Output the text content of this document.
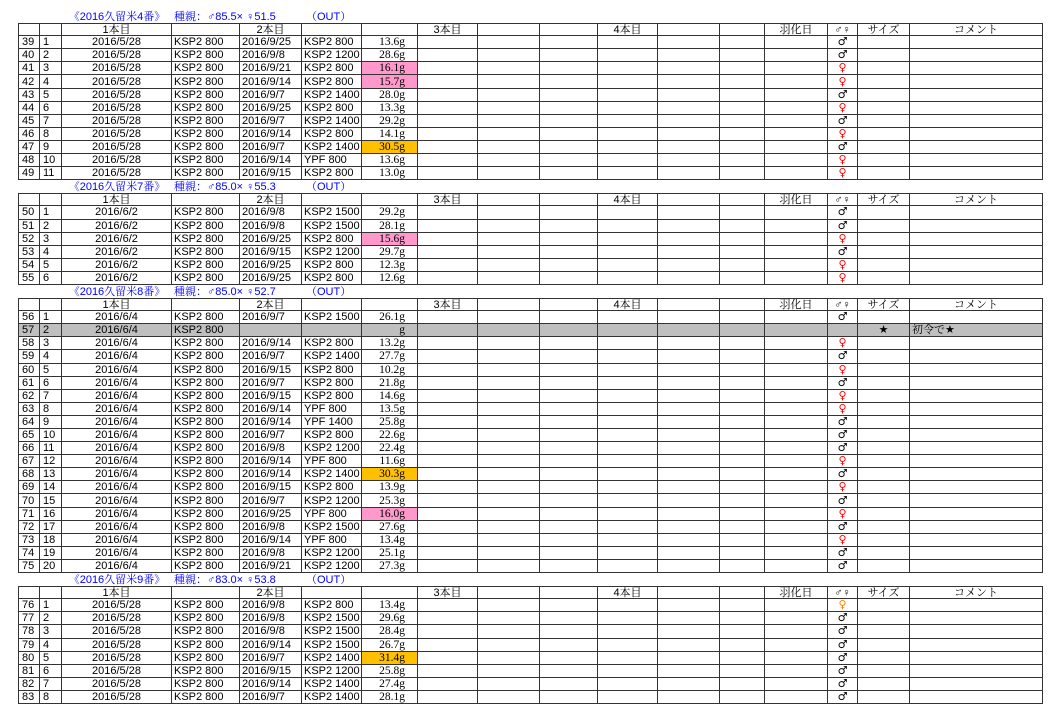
《2016久留米4番》 種親：♂85.5× ♀51.5	（OUT）
1本目	2本目	3本目	4本目	羽化日	♂♀	サイズ	コメント
39 1	2016/5/28	KSP2 800	2016/9/25	KSP2 800	13.6g	♂
40 2	2016/5/28	KSP2 800	2016/9/8	KSP2 1200	28.6g	♂
41 3	2016/5/28	KSP2 800	2016/9/21	KSP2 800	16.1g	♀
42 4	2016/5/28	KSP2 800	2016/9/14	KSP2 800	15.7g	♀
43 5	2016/5/28	KSP2 800	2016/9/7	KSP2 1400	28.0g	♂
44 6	2016/5/28	KSP2 800	2016/9/25	KSP2 800	13.3g	♀
45 7	2016/5/28	KSP2 800	2016/9/7	KSP2 1400	29.2g	♂
46 8	2016/5/28	KSP2 800	2016/9/14	KSP2 800	14.1g	♀
47 9	2016/5/28	KSP2 800	2016/9/7	KSP2 1400	30.5g	♂
48 10	2016/5/28	KSP2 800	2016/9/14	YPF 800	13.6g	♀
49 11	2016/5/28	KSP2 800	2016/9/15	KSP2 800	13.0g	♀
《2016久留米7番》 種親：♂85.0× ♀55.3	（OUT）
1本目	2本目	3本目	4本目	羽化日	♂♀	サイズ	コメント
50 1	2016/6/2	KSP2 800	2016/9/8	KSP2 1500	29.2g	♂
51 2	2016/6/2	KSP2 800	2016/9/8	KSP2 1500	28.1g	♂
52 3	2016/6/2	KSP2 800	2016/9/25	KSP2 800	15.6g	♀
53 4	2016/6/2	KSP2 800	2016/9/15	KSP2 1200	29.7g	♂
54 5	2016/6/2	KSP2 800	2016/9/25	KSP2 800	12.3g	♀
55 6	2016/6/2	KSP2 800	2016/9/25	KSP2 800	12.6g	♀
《2016久留米8番》 種親：♂85.0× ♀52.7	（OUT）
1本目	2本目	3本目	4本目	羽化日	♂♀	サイズ	コメント
56 1	2016/6/4	KSP2 800	2016/9/7	KSP2 1500	26.1g	♂
57 2	2016/6/4	KSP2 800	g	★	初令で★
58 3	2016/6/4	KSP2 800	2016/9/14	KSP2 800	13.2g	♀
59 4	2016/6/4	KSP2 800	2016/9/7	KSP2 1400	27.7g	♂
60 5	2016/6/4	KSP2 800	2016/9/15	KSP2 800	10.2g	♀
61 6	2016/6/4	KSP2 800	2016/9/7	KSP2 800	21.8g	♂
62 7	2016/6/4	KSP2 800	2016/9/15	KSP2 800	14.6g	♀
63 8	2016/6/4	KSP2 800	2016/9/14	YPF 800	13.5g	♀
64 9	2016/6/4	KSP2 800	2016/9/14	YPF 1400	25.8g	♂
65 10	2016/6/4	KSP2 800	2016/9/7	KSP2 800	22.6g	♂
66 11	2016/6/4	KSP2 800	2016/9/8	KSP2 1200	22.4g	♂
67 12	2016/6/4	KSP2 800	2016/9/14	YPF 800	11.6g	♀
68 13	2016/6/4	KSP2 800	2016/9/14	KSP2 1400	30.3g	♂
69 14	2016/6/4	KSP2 800	2016/9/15	KSP2 800	13.9g	♀
70 15	2016/6/4	KSP2 800	2016/9/7	KSP2 1200	25.3g	♂
71 16	2016/6/4	KSP2 800	2016/9/25	YPF 800	16.0g	♀
72 17	2016/6/4	KSP2 800	2016/9/8	KSP2 1500	27.6g	♂
73 18	2016/6/4	KSP2 800	2016/9/14	YPF 800	13.4g	♀
74 19	2016/6/4	KSP2 800	2016/9/8	KSP2 1200	25.1g	♂
75 20	2016/6/4	KSP2 800	2016/9/21	KSP2 1200	27.3g	♂
《2016久留米9番》 種親：♂83.0× ♀53.8	（OUT）
1本目	2本目	3本目	4本目	羽化日	♂♀	サイズ	コメント
76 1	2016/5/28	KSP2 800	2016/9/8	KSP2 800	13.4g	♀
77 2	2016/5/28	KSP2 800	2016/9/8	KSP2 1500	29.6g	♂
78 3	2016/5/28	KSP2 800	2016/9/8	KSP2 1500	28.4g	♂
79 4	2016/5/28	KSP2 800	2016/9/14	KSP2 1500	26.7g	♂
80 5	2016/5/28	KSP2 800	2016/9/7	KSP2 1400	31.4g	♂
81 6	2016/5/28	KSP2 800	2016/9/15	KSP2 1200	25.8g	♂
82 7	2016/5/28	KSP2 800	2016/9/14	KSP2 1400	27.4g	♂
83 8	2016/5/28	KSP2 800	2016/9/7	KSP2 1400	28.1g	♂
